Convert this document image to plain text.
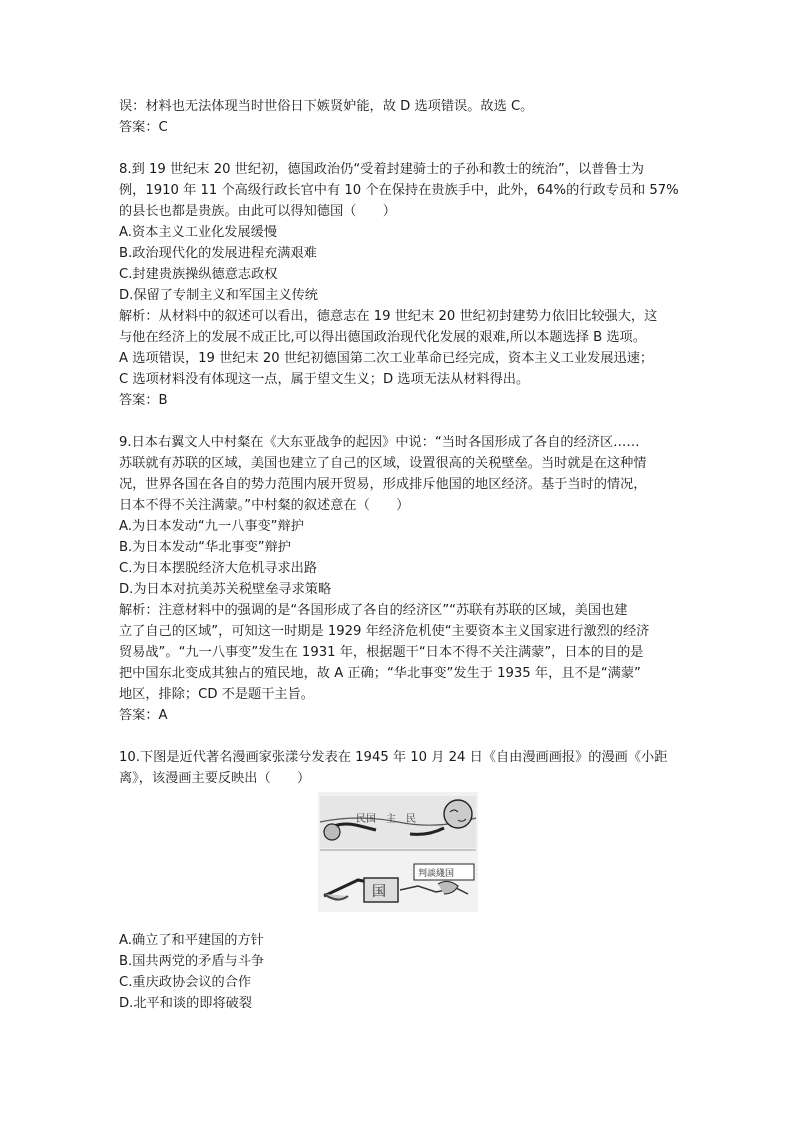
误：材料也无法体现当时世俗日下嫉贤妒能，故 D 选项错误。故选 C。
答案：C
8.到 19 世纪末 20 世纪初，德国政治仍“受着封建骑士的子孙和教士的统治”，以普鲁士为
例，1910 年 11 个高级行政长官中有 10 个在保持在贵族手中，此外，64%的行政专员和 57%
的县长也都是贵族。由此可以得知德国（　　）
A.资本主义工业化发展缓慢
B.政治现代化的发展进程充满艰难
C.封建贵族操纵德意志政权
D.保留了专制主义和军国主义传统
解析：从材料中的叙述可以看出，德意志在 19 世纪末 20 世纪初封建势力依旧比较强大，这
与他在经济上的发展不成正比,可以得出德国政治现代化发展的艰难,所以本题选择 B 选项。
A 选项错误，19 世纪末 20 世纪初德国第二次工业革命已经完成，资本主义工业发展迅速；
C 选项材料没有体现这一点，属于望文生义；D 选项无法从材料得出。
答案：B
9.日本右翼文人中村粲在《大东亚战争的起因》中说：“当时各国形成了各自的经济区……
苏联就有苏联的区域，美国也建立了自己的区域，设置很高的关税壁垒。当时就是在这种情
况，世界各国在各自的势力范围内展开贸易，形成排斥他国的地区经济。基于当时的情况，
日本不得不关注满蒙。”中村粲的叙述意在（　　）
A.为日本发动“九一八事变”辩护
B.为日本发动“华北事变”辩护
C.为日本摆脱经济大危机寻求出路
D.为日本对抗美苏关税壁垒寻求策略
解析：注意材料中的强调的是“各国形成了各自的经济区”“苏联有苏联的区域，美国也建
立了自己的区域”，可知这一时期是 1929 年经济危机使“主要资本主义国家进行激烈的经济
贸易战”。“九一八事变”发生在 1931 年，根据题干“日本不得不关注满蒙”，日本的目的是
把中国东北变成其独占的殖民地，故 A 正确；“华北事变”发生于 1935 年，且不是“满蒙”
地区，排除；CD 不是题干主旨。
答案：A
10.下图是近代著名漫画家张漾兮发表在 1945 年 10 月 24 日《自由漫画画报》的漫画《小距
离》，该漫画主要反映出（　　）
民国　主　民
判談綫国
国
A.确立了和平建国的方针
B.国共两党的矛盾与斗争
C.重庆政协会议的合作
D.北平和谈的即将破裂
